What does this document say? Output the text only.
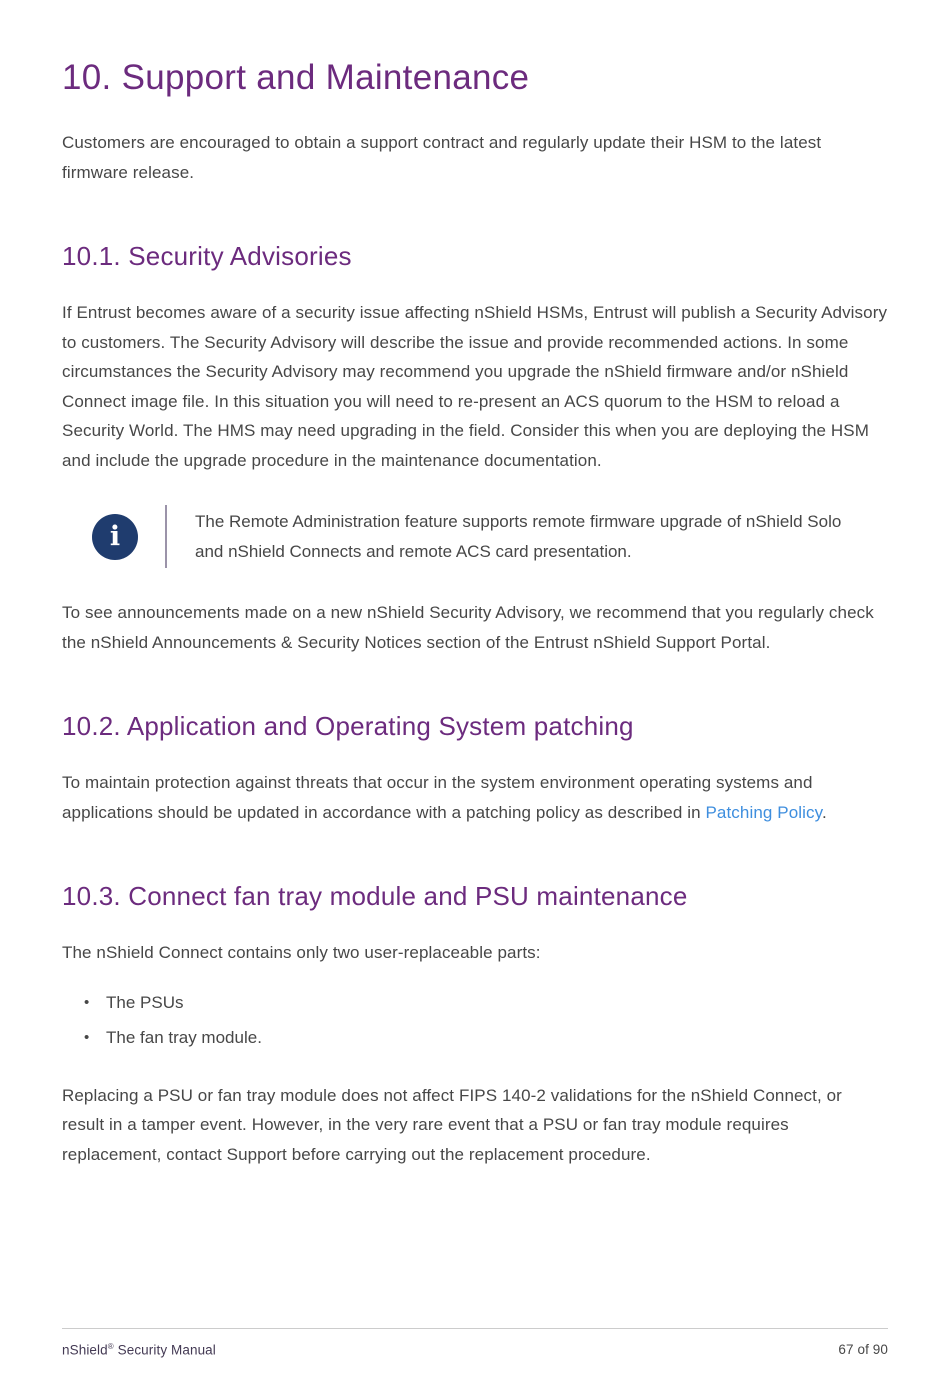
10. Support and Maintenance

Customers are encouraged to obtain a support contract and regularly update their HSM to the latest firmware release.

10.1. Security Advisories

If Entrust becomes aware of a security issue affecting nShield HSMs, Entrust will publish a Security Advisory to customers. The Security Advisory will describe the issue and provide recommended actions. In some circumstances the Security Advisory may recommend you upgrade the nShield firmware and/or nShield Connect image file. In this situation you will need to re-present an ACS quorum to the HSM to reload a Security World. The HMS may need upgrading in the field. Consider this when you are deploying the HSM and include the upgrade procedure in the maintenance documentation.

i	The Remote Administration feature supports remote firmware upgrade of nShield Solo and nShield Connects and remote ACS card presentation.

To see announcements made on a new nShield Security Advisory, we recommend that you regularly check the nShield Announcements & Security Notices section of the Entrust nShield Support Portal.

10.2. Application and Operating System patching

To maintain protection against threats that occur in the system environment operating systems and applications should be updated in accordance with a patching policy as described in Patching Policy.

10.3. Connect fan tray module and PSU maintenance

The nShield Connect contains only two user-replaceable parts:

• The PSUs
• The fan tray module.

Replacing a PSU or fan tray module does not affect FIPS 140-2 validations for the nShield Connect, or result in a tamper event. However, in the very rare event that a PSU or fan tray module requires replacement, contact Support before carrying out the replacement procedure.

nShield® Security Manual	67 of 90
